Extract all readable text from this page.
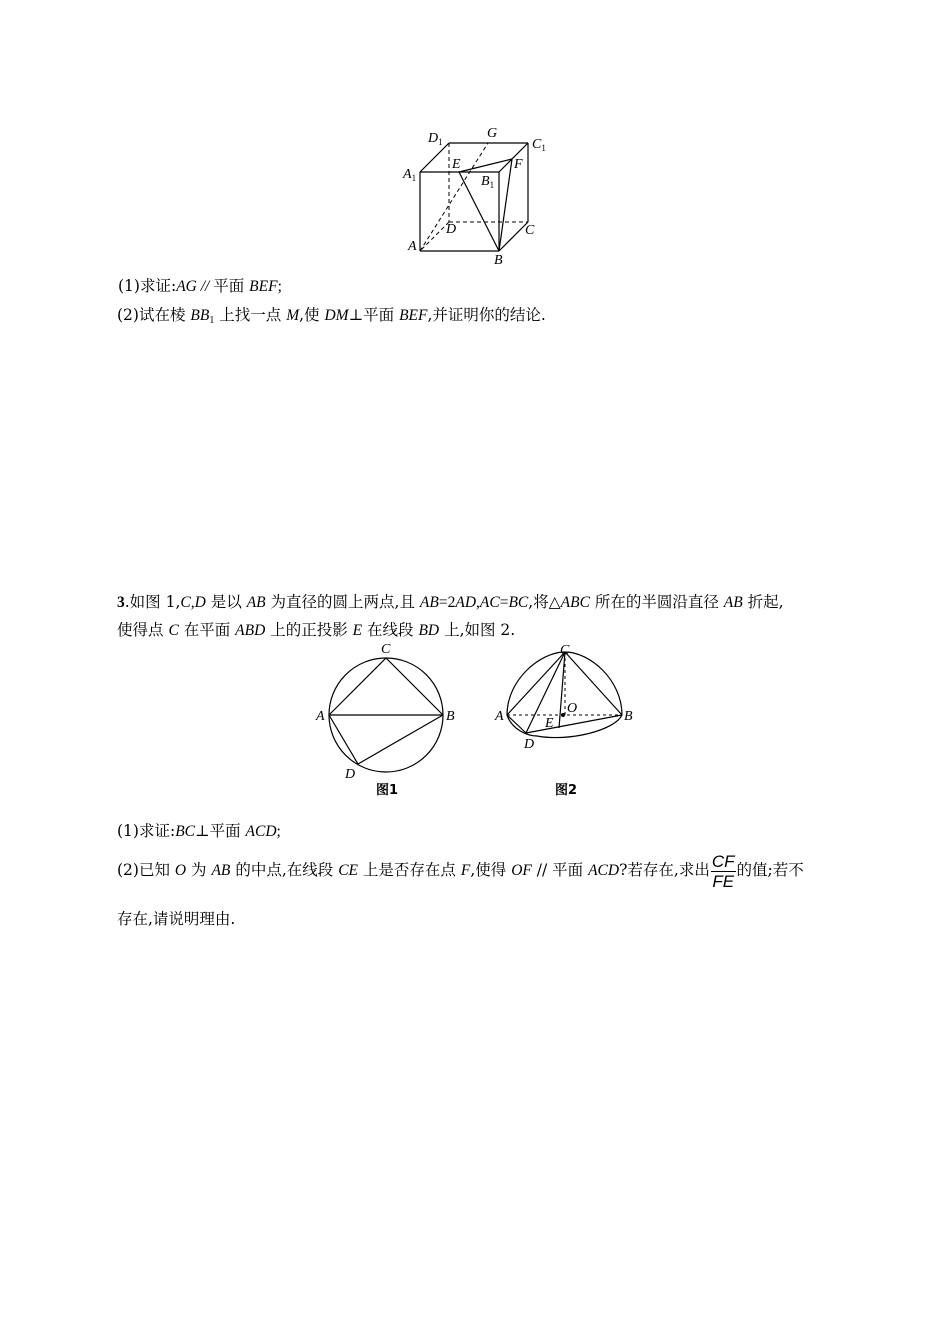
$D_1$
G
$C_1$
$A_1$
E
$B_1$
F
A
D	C
B
(1)求证:AG // 平面 BEF;
(2)试在棱 $BB_1$ 上找一点 M,使 DM⊥平面 BEF,并证明你的结论.
3.如图 1,C,D 是以 AB 为直径的圆上两点,且 AB=2AD,AC=BC,将△ABC 所在的半圆沿直径 AB 折起,
使得点 C 在平面 ABD 上的正投影 E 在线段 BD 上,如图 2.
C
A	B
D
图1
C
O
A	E	B
D
图2
(1)求证:BC⊥平面 ACD;
(2)已知 O 为 AB 的中点,在线段 CE 上是否存在点 F,使得 OF // 平面 ACD?若存在,求出 $\frac{CF}{FE}$ 的值;若不
存在,请说明理由.
